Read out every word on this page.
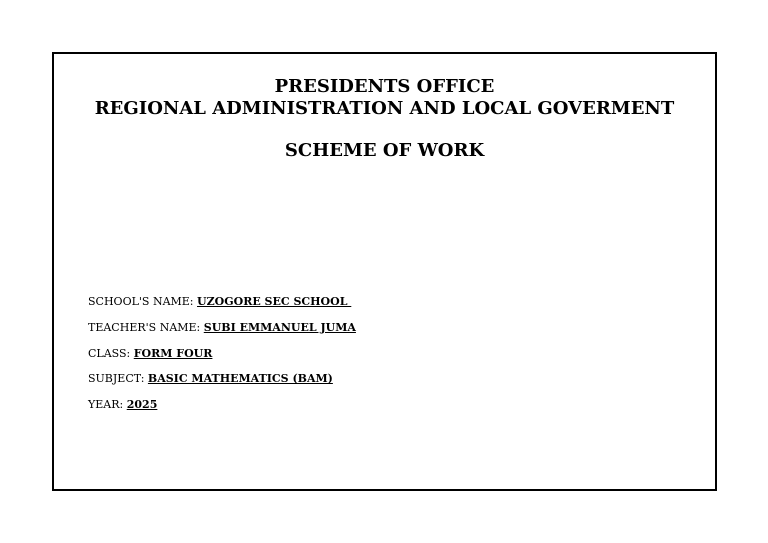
PRESIDENTS OFFICE
REGIONAL ADMINISTRATION AND LOCAL GOVERMENT
SCHEME OF WORK
SCHOOL'S NAME: UZOGORE SEC SCHOOL
TEACHER'S NAME: SUBI EMMANUEL JUMA
CLASS: FORM FOUR
SUBJECT: BASIC MATHEMATICS (BAM)
YEAR: 2025
